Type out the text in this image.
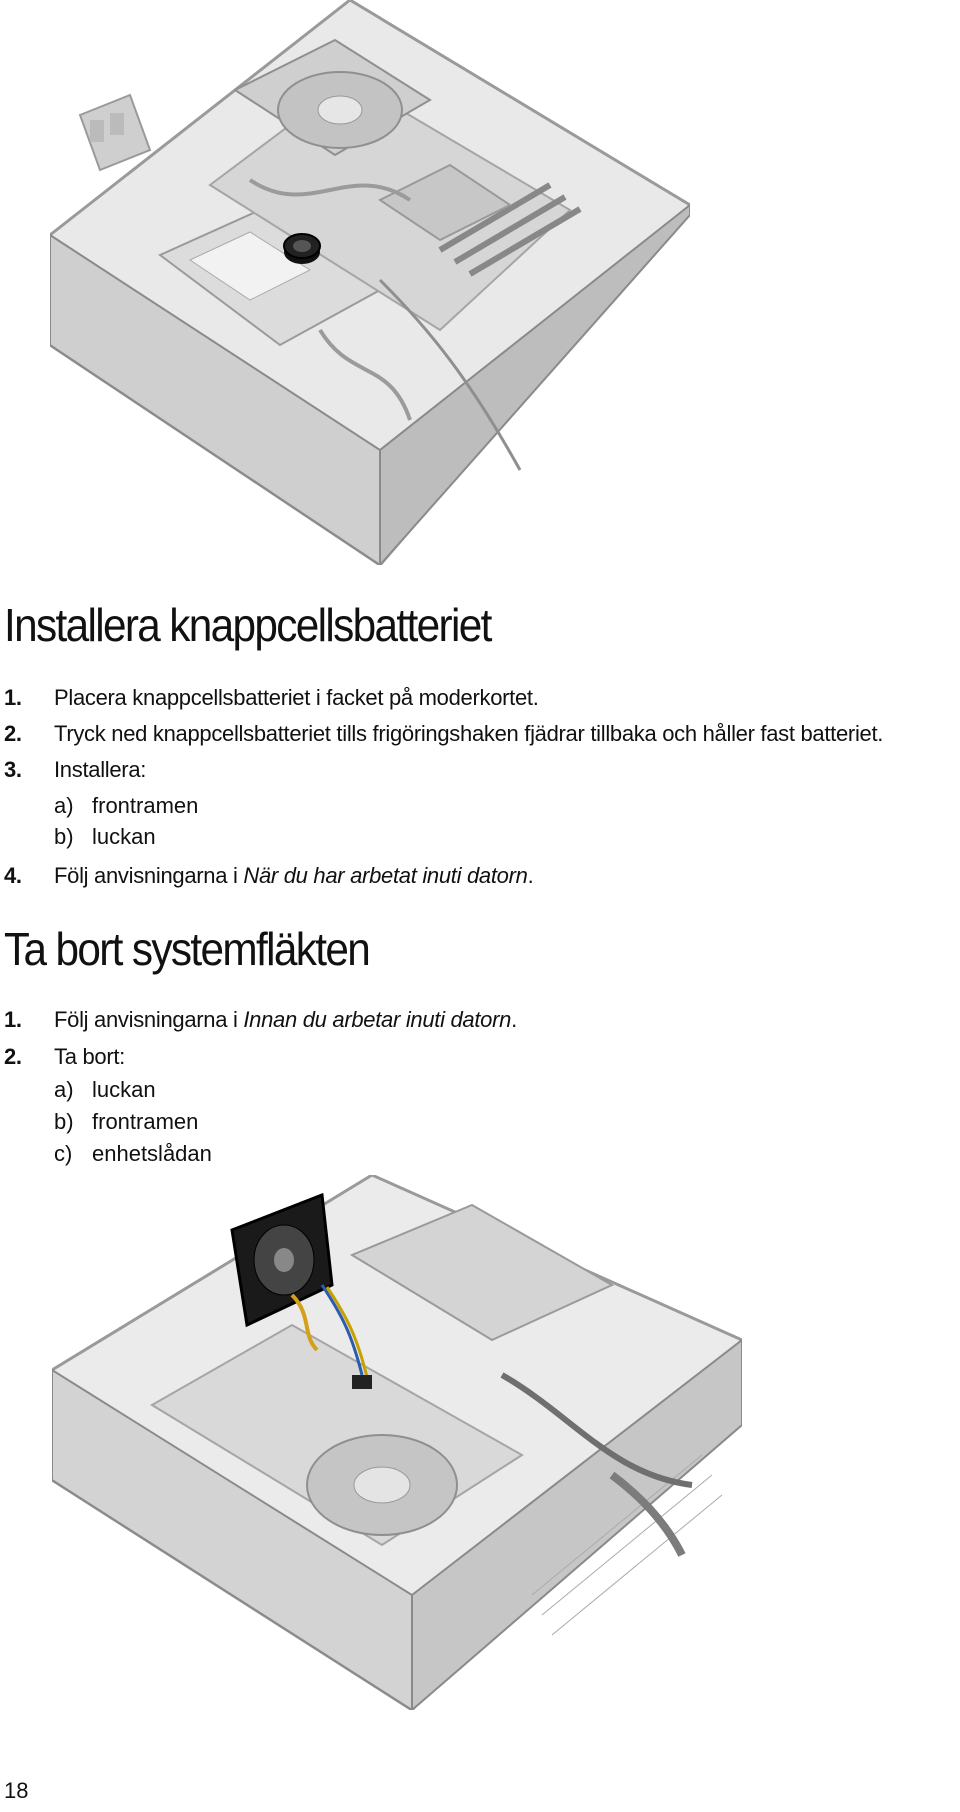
Installera knappcellsbatteriet
1.	Placera knappcellsbatteriet i facket på moderkortet.
2.	Tryck ned knappcellsbatteriet tills frigöringshaken fjädrar tillbaka och håller fast batteriet.
3.	Installera:
a) frontramen
b) luckan
4.	Följ anvisningarna i När du har arbetat inuti datorn.
Ta bort systemfläkten
1.	Följ anvisningarna i Innan du arbetar inuti datorn.
2.	Ta bort:
a) luckan
b) frontramen
c) enhetslådan
18
